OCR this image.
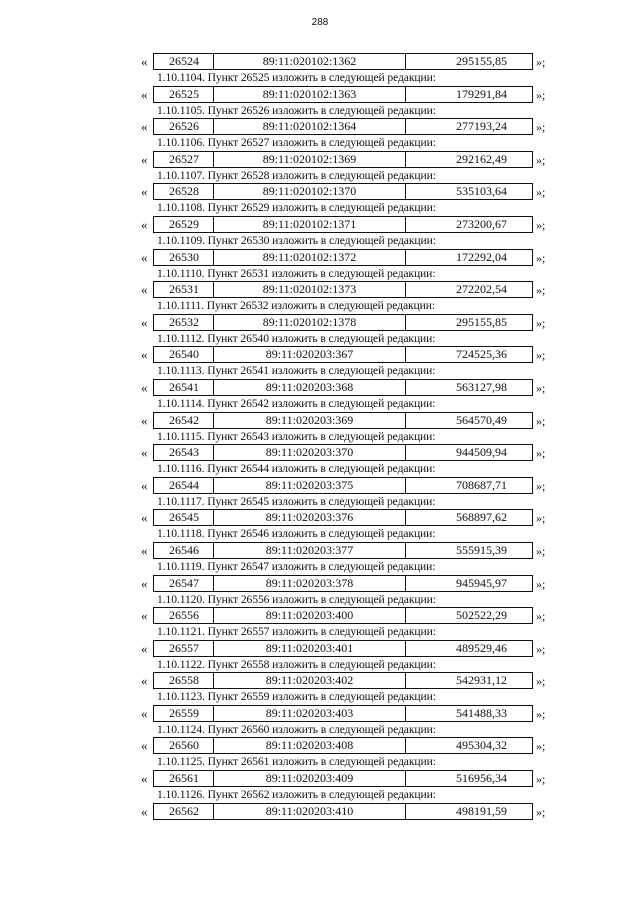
288
«	26524	89:11:020102:1362	295155,85	»;
1.10.1104. Пункт 26525 изложить в следующей редакции:
«	26525	89:11:020102:1363	179291,84	»;
1.10.1105. Пункт 26526 изложить в следующей редакции:
«	26526	89:11:020102:1364	277193,24	»;
1.10.1106. Пункт 26527 изложить в следующей редакции:
«	26527	89:11:020102:1369	292162,49	»;
1.10.1107. Пункт 26528 изложить в следующей редакции:
«	26528	89:11:020102:1370	535103,64	»;
1.10.1108. Пункт 26529 изложить в следующей редакции:
«	26529	89:11:020102:1371	273200,67	»;
1.10.1109. Пункт 26530 изложить в следующей редакции:
«	26530	89:11:020102:1372	172292,04	»;
1.10.1110. Пункт 26531 изложить в следующей редакции:
«	26531	89:11:020102:1373	272202,54	»;
1.10.1111. Пункт 26532 изложить в следующей редакции:
«	26532	89:11:020102:1378	295155,85	»;
1.10.1112. Пункт 26540 изложить в следующей редакции:
«	26540	89:11:020203:367	724525,36	»;
1.10.1113. Пункт 26541 изложить в следующей редакции:
«	26541	89:11:020203:368	563127,98	»;
1.10.1114. Пункт 26542 изложить в следующей редакции:
«	26542	89:11:020203:369	564570,49	»;
1.10.1115. Пункт 26543 изложить в следующей редакции:
«	26543	89:11:020203:370	944509,94	»;
1.10.1116. Пункт 26544 изложить в следующей редакции:
«	26544	89:11:020203:375	708687,71	»;
1.10.1117. Пункт 26545 изложить в следующей редакции:
«	26545	89:11:020203:376	568897,62	»;
1.10.1118. Пункт 26546 изложить в следующей редакции:
«	26546	89:11:020203:377	555915,39	»;
1.10.1119. Пункт 26547 изложить в следующей редакции:
«	26547	89:11:020203:378	945945,97	»;
1.10.1120. Пункт 26556 изложить в следующей редакции:
«	26556	89:11:020203:400	502522,29	»;
1.10.1121. Пункт 26557 изложить в следующей редакции:
«	26557	89:11:020203:401	489529,46	»;
1.10.1122. Пункт 26558 изложить в следующей редакции:
«	26558	89:11:020203:402	542931,12	»;
1.10.1123. Пункт 26559 изложить в следующей редакции:
«	26559	89:11:020203:403	541488,33	»;
1.10.1124. Пункт 26560 изложить в следующей редакции:
«	26560	89:11:020203:408	495304,32	»;
1.10.1125. Пункт 26561 изложить в следующей редакции:
«	26561	89:11:020203:409	516956,34	»;
1.10.1126. Пункт 26562 изложить в следующей редакции:
«	26562	89:11:020203:410	498191,59	»;
